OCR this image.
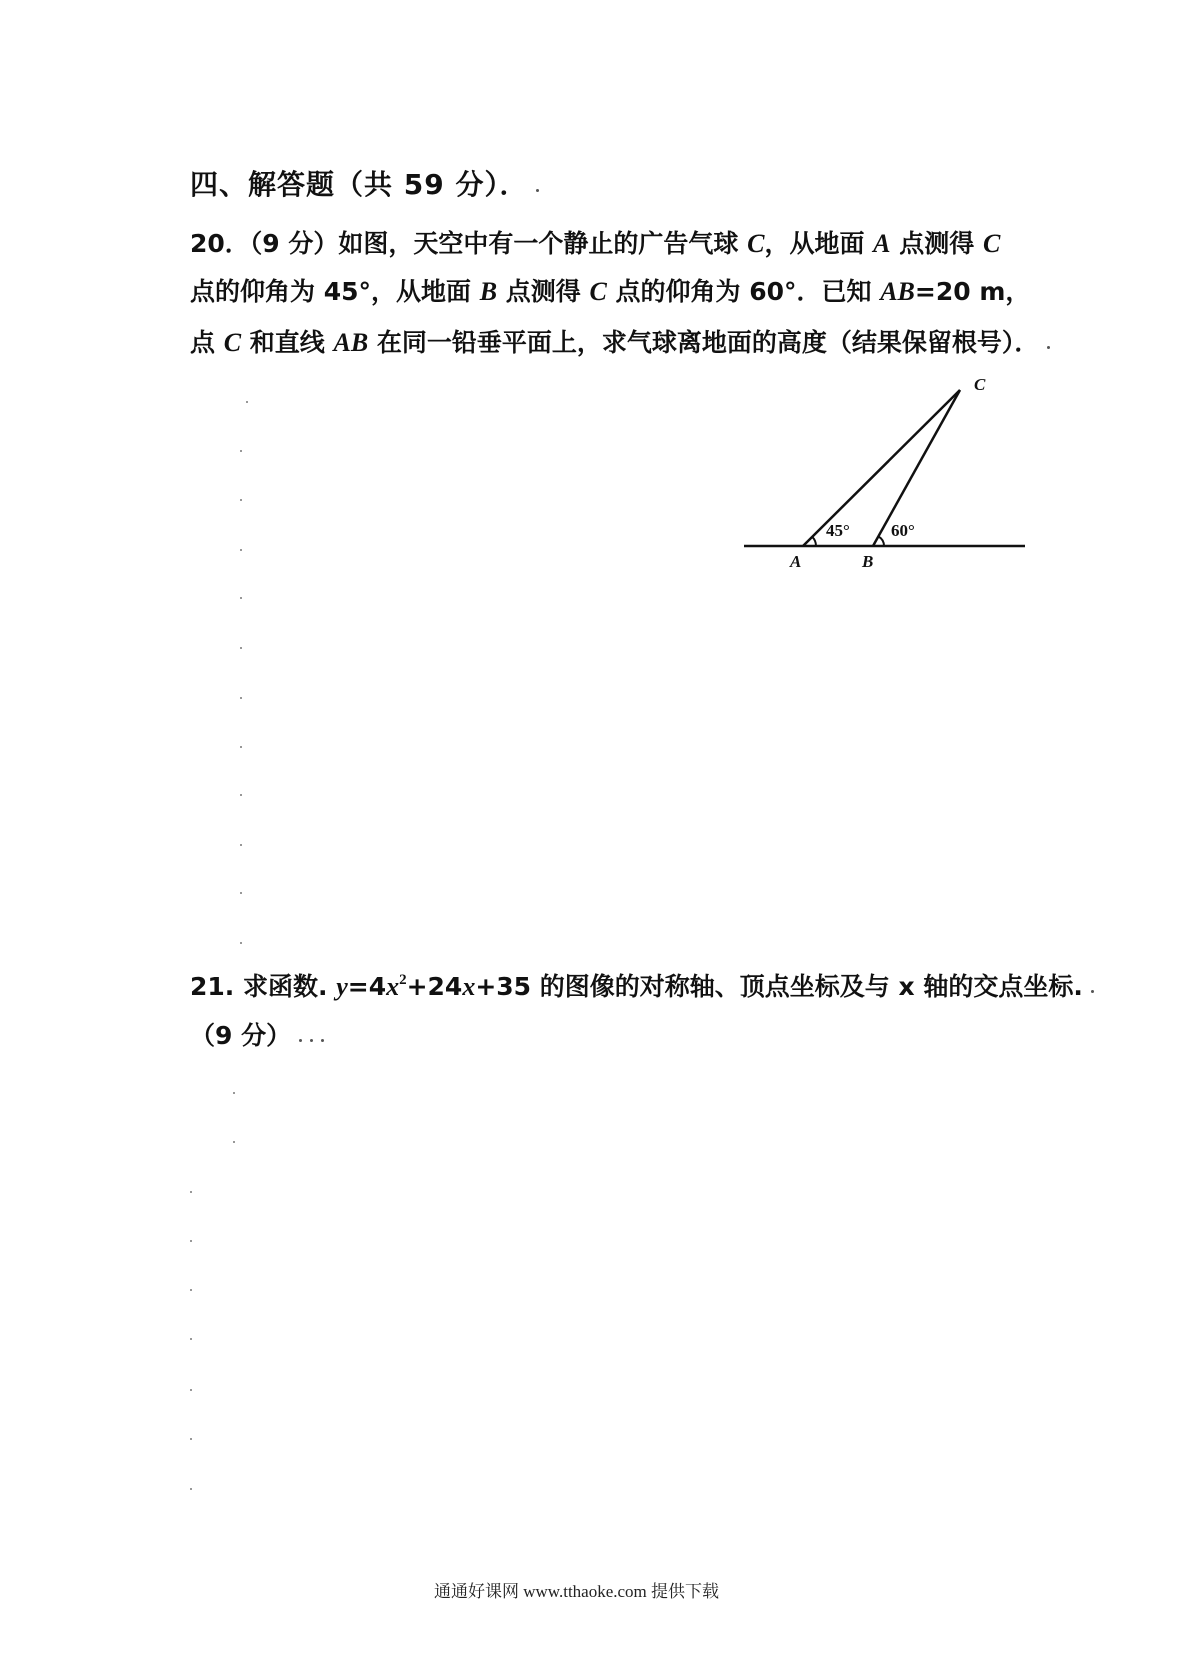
四、解答题（共 59 分）．
20．（9 分）如图，天空中有一个静止的广告气球 C，从地面 A 点测得 C
点的仰角为 45°，从地面 B 点测得 C 点的仰角为 60°．已知 AB=20 m，
点 C 和直线 AB 在同一铅垂平面上，求气球离地面的高度（结果保留根号）．
C
A	B
45° 60°
21. 求函数. $y=4x^2+24x+35$ 的图像的对称轴、顶点坐标及与 x 轴的交点坐标.
（9 分）
通通好课网 www.tthaoke.com 提供下载
